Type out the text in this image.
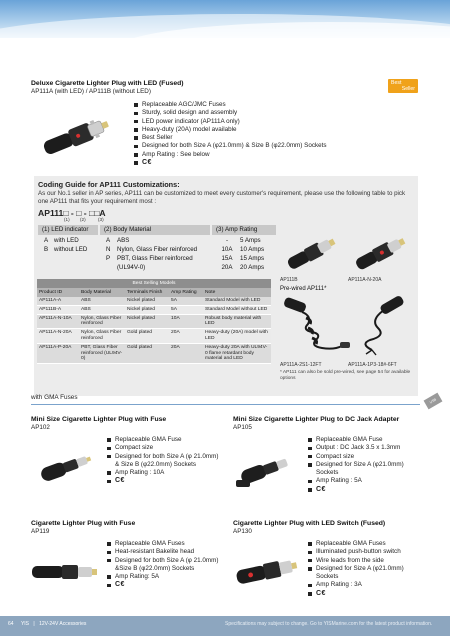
Deluxe Cigarette Lighter Plug with LED (Fused)
AP111A (with LED) / AP111B (without LED)
Best
Seller
Replaceable AGC/JMC Fuses
Sturdy, solid design and assembly
LED power indicator (AP111A only)
Heavy-duty (20A) model available
Best Seller
Designed for both Size A (φ21.0mm) & Size B (φ22.0mm) Sockets
Amp Rating : See below
C€
Coding Guide for AP111 Customizations:
As our No.1 seller in AP series, AP111 can be customized to meet every customer's requirement, please use the following table to pick one AP111 that fits your requirement most :
AP111□ - □ - □□A
(1) (2)	(3)
(1) LED indicator	(2) Body Material	(3) Amp Rating
A with LED
B without LED
A ABS
N Nylon, Glass Fiber reinforced
P PBT, Glass Fiber reinforced
(UL94V-0)
-	5 Amps
10A	10 Amps
15A	15 Amps
20A	20 Amps
Best Selling Models				
Product ID	Body Material	Terminals Finish	Amp Rating	Note
AP111A-A	ABS	Nickel plated	5A	Standard Model with LED
AP111B-A	ABS	Nickel plated	5A	Standard Model without LED
AP111A-N-10A	Nylon, Glass Fiber reinforced	Nickel plated	10A	Robust body material with LED
AP111A-N-20A	Nylon, Glass Fiber reinforced	Gold plated	20A	Heavy-duty (20A) model with LED
AP111A-P-20A	PBT, Glass Fiber reinforced (UL94V-0)	Gold plated	20A	Heavy-duty 20A with UL94V-0 flame retardant body material and LED
AP111B	AP111A-N-20A
Pre-wired AP111*
AP111A-2S1-12FT	AP111A-1P3-18#-6FT
* AP111 can also be sold pre-wired, see page 54 for available options
with GMA Fuses
USB
Mini Size Cigarette Lighter Plug with Fuse
AP102
Replaceable GMA Fuse
Compact size
Designed for both Size A (φ 21.0mm) & Size B (φ22.0mm) Sockets
Amp Rating : 10A
C€
Mini Size Cigarette Lighter Plug to DC Jack Adapter
AP105
Replaceable GMA Fuse
Output : DC Jack 3.5 x 1.3mm
Compact size
Designed for Size A (φ21.0mm) Sockets
Amp Rating : 5A
C€
Cigarette Lighter Plug with Fuse
AP119
Replaceable GMA Fuses
Heat-resistant Bakelite head
Designed for both Size A (φ 21.0mm) &Size B (φ22.0mm) Sockets
Amp Rating: 5A
C€
Cigarette Lighter Plug with LED Switch (Fused)
AP130
Replaceable GMA Fuses
Illuminated push-button switch
Wire leads from the side
Designed for Size A (φ21.0mm) Sockets
Amp Rating : 3A
C€
64 YIS | 12V-24V Accessories	Specifications may subject to change. Go to YISMarine.com for the latest product information.
